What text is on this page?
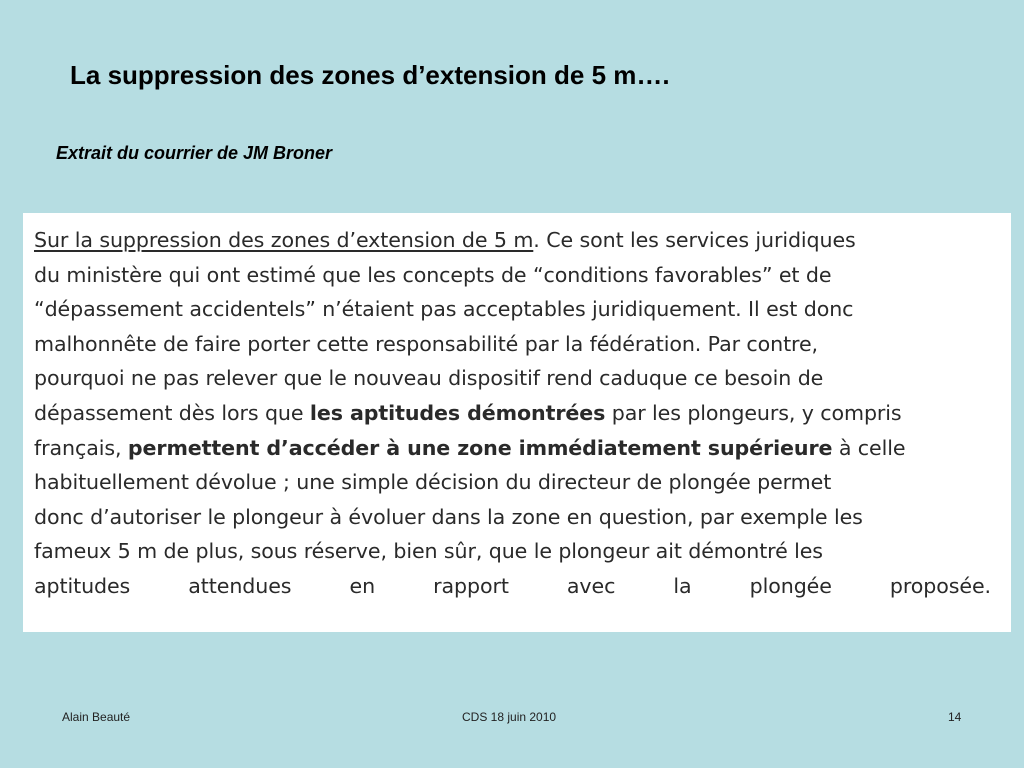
La suppression des zones d’extension de 5 m….
Extrait du courrier de JM Broner
Sur la suppression des zones d’extension de 5 m. Ce sont les services juridiques
du ministère qui ont estimé que les concepts de “conditions favorables” et de
“dépassement accidentels” n’étaient pas acceptables juridiquement. Il est donc
malhonnête de faire porter cette responsabilité par la fédération. Par contre,
pourquoi ne pas relever que le nouveau dispositif rend caduque ce besoin de
dépassement dès lors que les aptitudes démontrées par les plongeurs, y compris
français, permettent d’accéder à une zone immédiatement supérieure à celle
habituellement dévolue ; une simple décision du directeur de plongée permet
donc d’autoriser le plongeur à évoluer dans la zone en question, par exemple les
fameux 5 m de plus, sous réserve, bien sûr, que le plongeur ait démontré les
aptitudes	attendues	en	rapport	avec	la	plongée	proposée.
Alain Beauté	CDS 18 juin 2010	14
